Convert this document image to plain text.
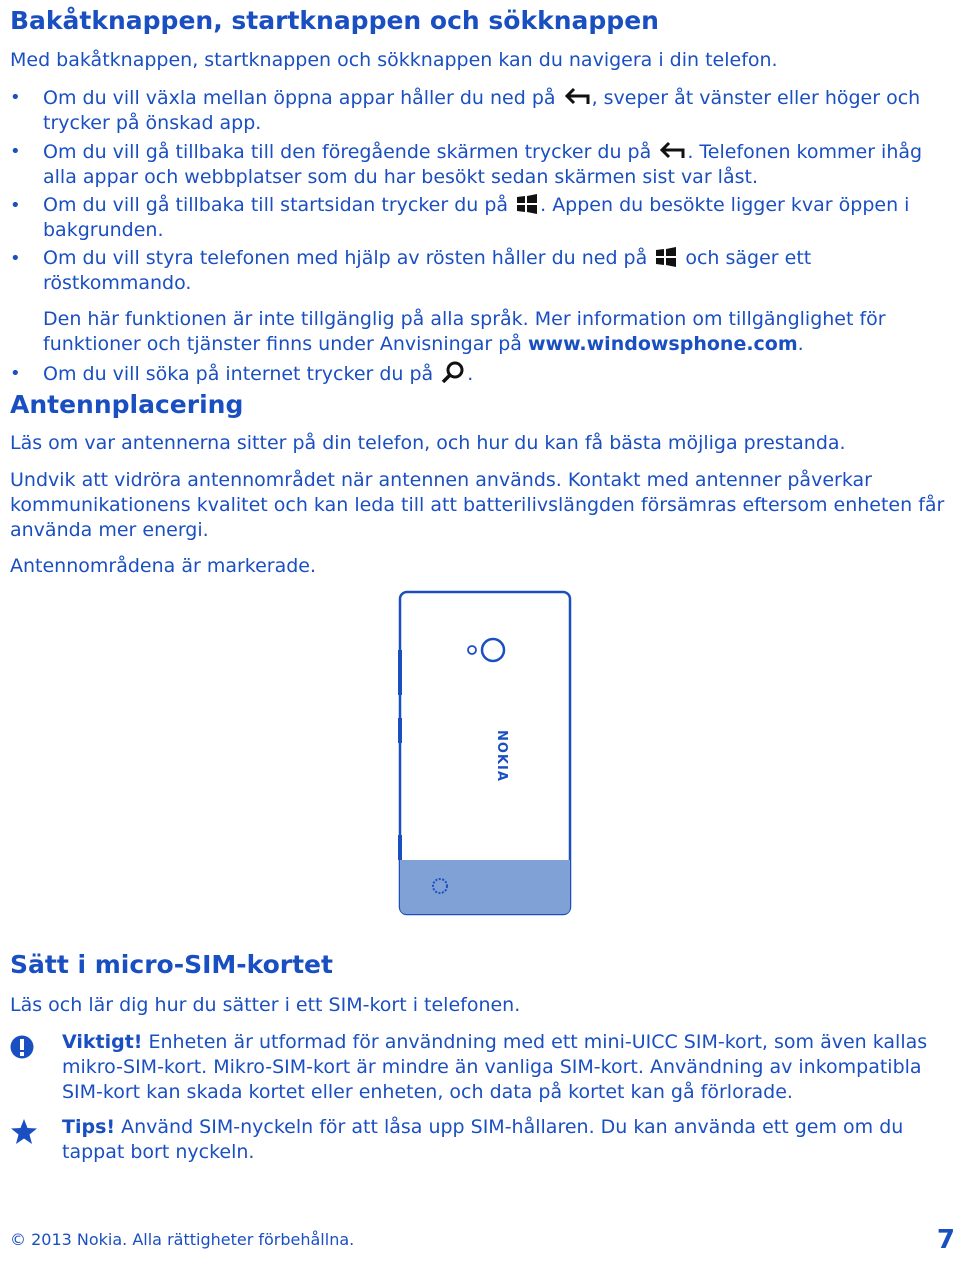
Bakåtknappen, startknappen och sökknappen

Med bakåtknappen, startknappen och sökknappen kan du navigera i din telefon.

• Om du vill växla mellan öppna appar håller du ned på , sveper åt vänster eller höger och trycker på önskad app.
• Om du vill gå tillbaka till den föregående skärmen trycker du på . Telefonen kommer ihåg alla appar och webbplatser som du har besökt sedan skärmen sist var låst.
• Om du vill gå tillbaka till startsidan trycker du på . Appen du besökte ligger kvar öppen i bakgrunden.
• Om du vill styra telefonen med hjälp av rösten håller du ned på och säger ett röstkommando.
Den här funktionen är inte tillgänglig på alla språk. Mer information om tillgänglighet för funktioner och tjänster finns under Anvisningar på www.windowsphone.com.
• Om du vill söka på internet trycker du på .
Antennplacering

Läs om var antennerna sitter på din telefon, och hur du kan få bästa möjliga prestanda.

Undvik att vidröra antennområdet när antennen används. Kontakt med antenner påverkar kommunikationens kvalitet och kan leda till att batterilivslängden försämras eftersom enheten får använda mer energi.

Antennområdena är markerade.

NOKIA
Sätt i micro-SIM-kortet

Läs och lär dig hur du sätter i ett SIM-kort i telefonen.

Viktigt! Enheten är utformad för användning med ett mini-UICC SIM-kort, som även kallas mikro-SIM-kort. Mikro-SIM-kort är mindre än vanliga SIM-kort. Användning av inkompatibla SIM-kort kan skada kortet eller enheten, och data på kortet kan gå förlorade.
Tips! Använd SIM-nyckeln för att låsa upp SIM-hållaren. Du kan använda ett gem om du tappat bort nyckeln.
© 2013 Nokia. Alla rättigheter förbehållna.	7
